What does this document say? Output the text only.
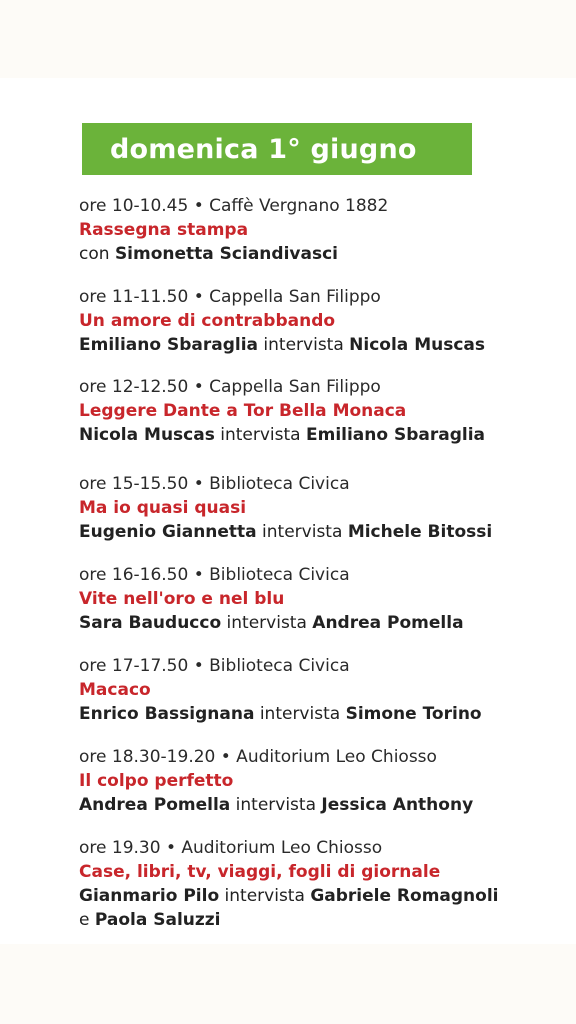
domenica 1° giugno
ore 10-10.45 • Caffè Vergnano 1882
Rassegna stampa
con Simonetta Sciandivasci
ore 11-11.50 • Cappella San Filippo
Un amore di contrabbando
Emiliano Sbaraglia intervista Nicola Muscas
ore 12-12.50 • Cappella San Filippo
Leggere Dante a Tor Bella Monaca
Nicola Muscas intervista Emiliano Sbaraglia
ore 15-15.50 • Biblioteca Civica
Ma io quasi quasi
Eugenio Giannetta intervista Michele Bitossi
ore 16-16.50 • Biblioteca Civica
Vite nell'oro e nel blu
Sara Bauducco intervista Andrea Pomella
ore 17-17.50 • Biblioteca Civica
Macaco
Enrico Bassignana intervista Simone Torino
ore 18.30-19.20 • Auditorium Leo Chiosso
Il colpo perfetto
Andrea Pomella intervista Jessica Anthony
ore 19.30 • Auditorium Leo Chiosso
Case, libri, tv, viaggi, fogli di giornale
Gianmario Pilo intervista Gabriele Romagnoli
e Paola Saluzzi
